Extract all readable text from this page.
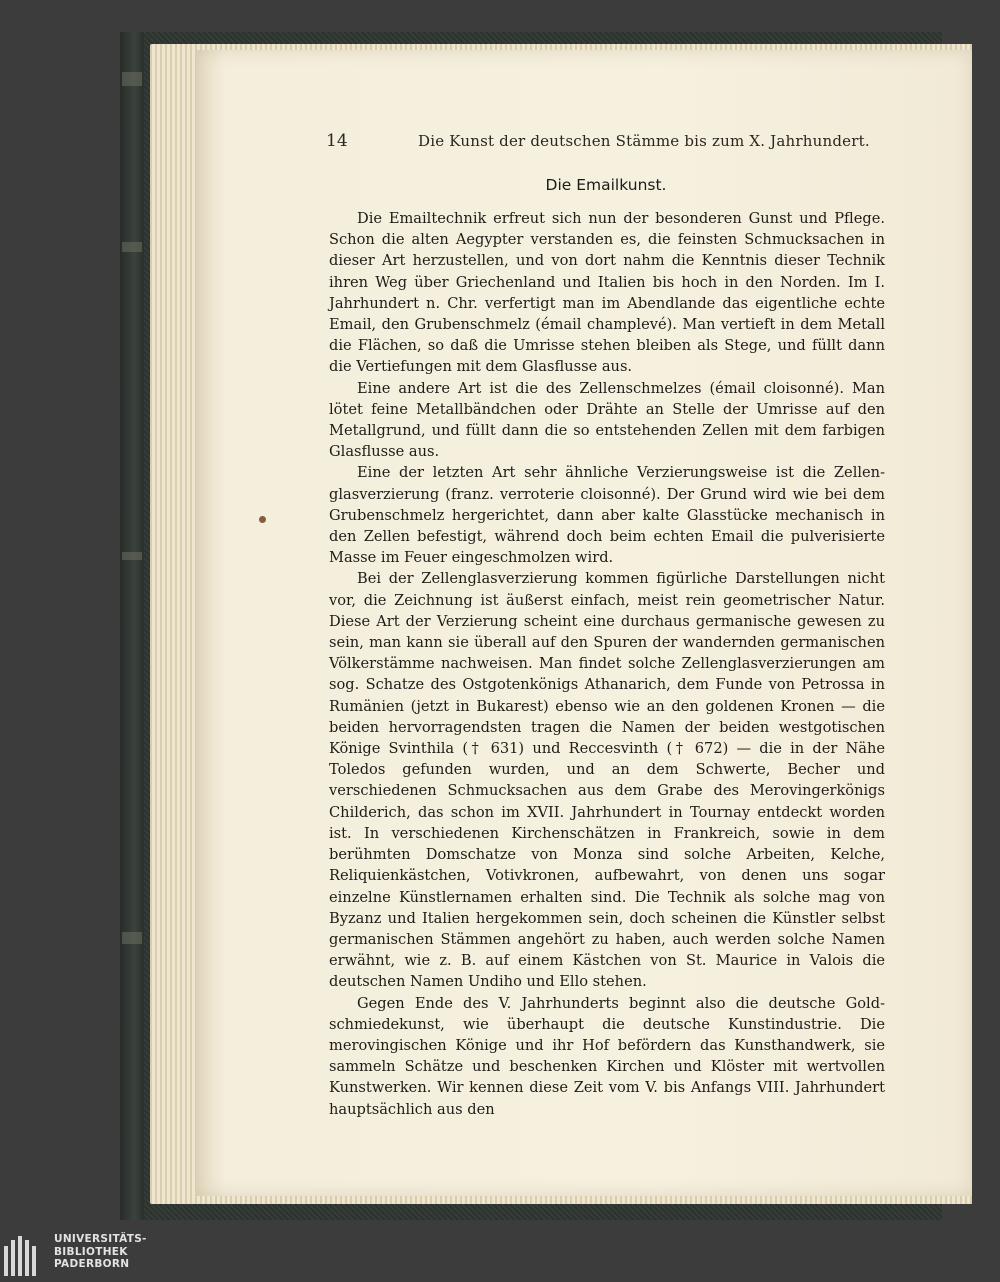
14	Die Kunst der deutschen Stämme bis zum X. Jahrhundert.
Die Emailkunst.

Die Emailtechnik erfreut sich nun der besonderen Gunst und Pflege. Schon die alten Aegypter verstanden es, die feinsten Schmucksachen in dieser Art herzustellen, und von dort nahm die Kenntnis dieser Technik ihren Weg über Griechenland und Italien bis hoch in den Norden. Im I. Jahrhundert n. Chr. verfertigt man im Abendlande das eigentliche echte Email, den Grubenschmelz (émail champlevé). Man vertieft in dem Metall die Flächen, so daß die Umrisse stehen bleiben als Stege, und füllt dann die Vertiefungen mit dem Glasflusse aus.

Eine andere Art ist die des Zellenschmelzes (émail cloisonné). Man lötet feine Metallbändchen oder Drähte an Stelle der Umrisse auf den Metallgrund, und füllt dann die so entstehenden Zellen mit dem farbigen Glasflusse aus.

Eine der letzten Art sehr ähnliche Verzierungsweise ist die Zellenglasverzierung (franz. verroterie cloisonné). Der Grund wird wie bei dem Grubenschmelz hergerichtet, dann aber kalte Glasstücke mechanisch in den Zellen befestigt, während doch beim echten Email die pulverisierte Masse im Feuer eingeschmolzen wird.

Bei der Zellenglasverzierung kommen figürliche Darstellungen nicht vor, die Zeichnung ist äußerst einfach, meist rein geometrischer Natur. Diese Art der Verzierung scheint eine durchaus germanische gewesen zu sein, man kann sie überall auf den Spuren der wandernden germanischen Völkerstämme nachweisen. Man findet solche Zellenglasverzierungen am sog. Schatze des Ostgotenkönigs Athanarich, dem Funde von Petrossa in Rumänien (jetzt in Bukarest) ebenso wie an den goldenen Kronen — die beiden hervorragendsten tragen die Namen der beiden westgotischen Könige Svinthila († 631) und Reccesvinth († 672) — die in der Nähe Toledos gefunden wurden, und an dem Schwerte, Becher und verschiedenen Schmucksachen aus dem Grabe des Merovingerkönigs Childerich, das schon im XVII. Jahrhundert in Tournay entdeckt worden ist. In verschiedenen Kirchenschätzen in Frankreich, sowie in dem berühmten Domschatze von Monza sind solche Arbeiten, Kelche, Reliquienkästchen, Votivkronen, aufbewahrt, von denen uns sogar einzelne Künstlernamen erhalten sind. Die Technik als solche mag von Byzanz und Italien hergekommen sein, doch scheinen die Künstler selbst germanischen Stämmen angehört zu haben, auch werden solche Namen erwähnt, wie z. B. auf einem Kästchen von St. Maurice in Valois die deutschen Namen Undiho und Ello stehen.

Gegen Ende des V. Jahrhunderts beginnt also die deutsche Goldschmiedekunst, wie überhaupt die deutsche Kunstindustrie. Die merovingischen Könige und ihr Hof befördern das Kunsthandwerk, sie sammeln Schätze und beschenken Kirchen und Klöster mit wertvollen Kunstwerken. Wir kennen diese Zeit vom V. bis Anfangs VIII. Jahrhundert hauptsächlich aus den

UNIVERSITÄTS-
BIBLIOTHEK
PADERBORN
